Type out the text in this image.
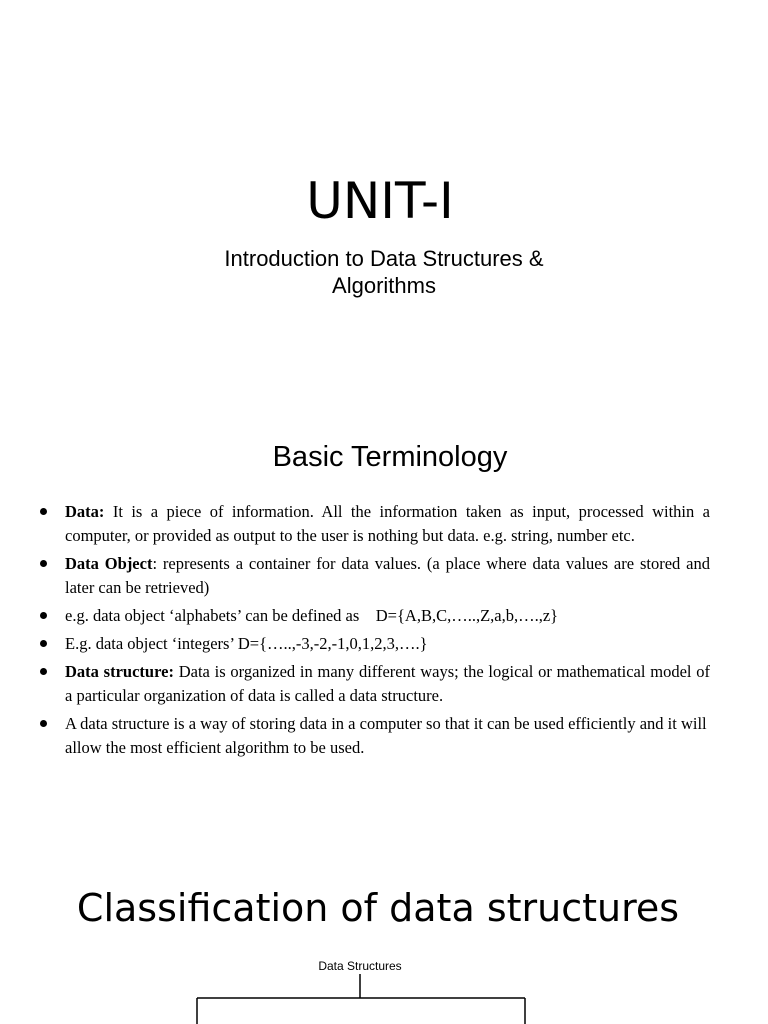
UNIT-I
Introduction to Data Structures &
Algorithms
Basic Terminology
Data: It is a piece of information. All the information taken as input, processed within a computer, or provided as output to the user is nothing but data. e.g. string, number etc.
Data Object: represents a container for data values. (a place where data values are stored and later can be retrieved)
e.g. data object ‘alphabets’ can be defined as    D={A,B,C,…..,Z,a,b,….,z}
E.g. data object ‘integers’ D={…..,-3,-2,-1,0,1,2,3,….}
Data structure: Data is organized in many different ways; the logical or mathematical model of a particular organization of data is called a data structure.
A data structure is a way of storing data in a computer so that it can be used efficiently and it will allow the most efficient algorithm to be used.
Classification of data structures
Data Structures
